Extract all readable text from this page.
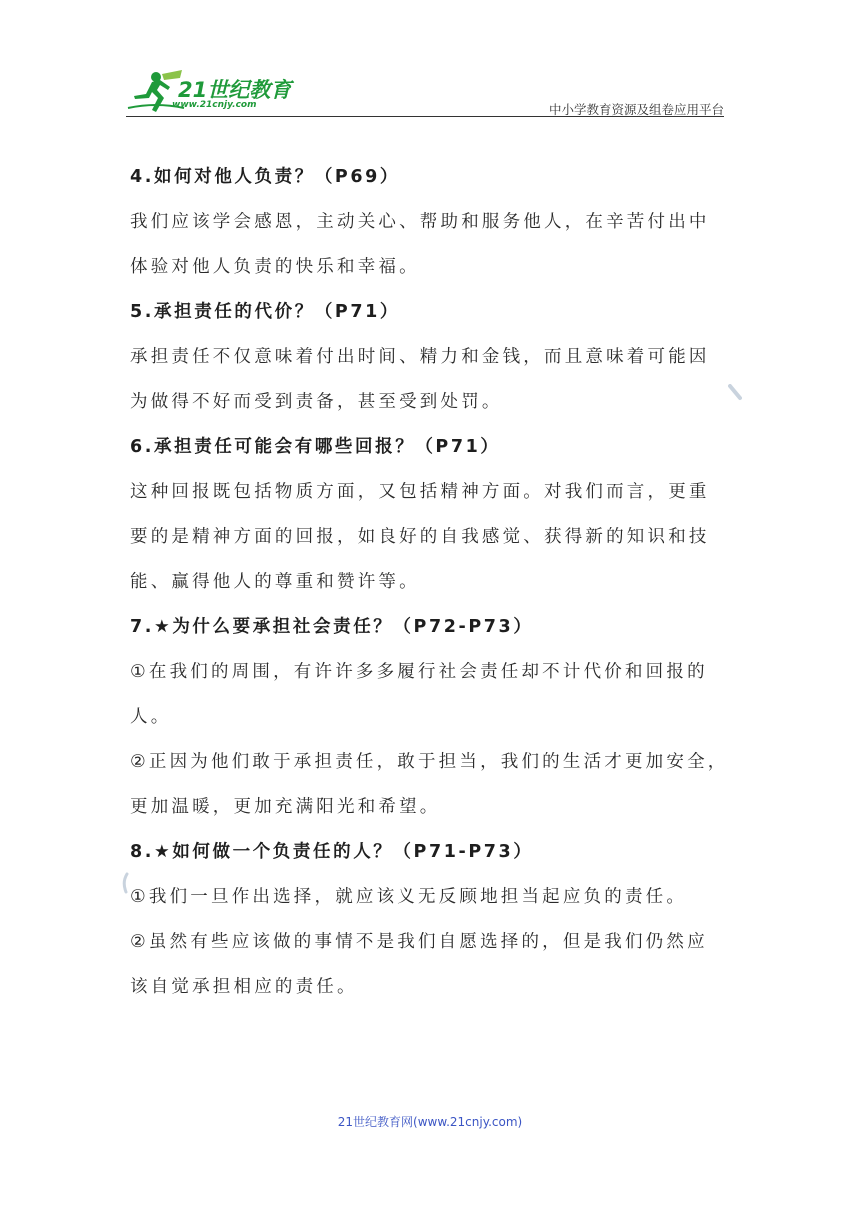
21世纪教育
www.21cnjy.com	中小学教育资源及组卷应用平台
4.如何对他人负责？（P69）
我们应该学会感恩，主动关心、帮助和服务他人，在辛苦付出中
体验对他人负责的快乐和幸福。
5.承担责任的代价？（P71）
承担责任不仅意味着付出时间、精力和金钱，而且意味着可能因
为做得不好而受到责备，甚至受到处罚。
6.承担责任可能会有哪些回报？（P71）
这种回报既包括物质方面，又包括精神方面。对我们而言，更重
要的是精神方面的回报，如良好的自我感觉、获得新的知识和技
能、赢得他人的尊重和赞许等。
7.★为什么要承担社会责任？（P72-P73）
①在我们的周围，有许许多多履行社会责任却不计代价和回报的
人。
②正因为他们敢于承担责任，敢于担当，我们的生活才更加安全，
更加温暖，更加充满阳光和希望。
8.★如何做一个负责任的人？（P71-P73）
①我们一旦作出选择，就应该义无反顾地担当起应负的责任。
②虽然有些应该做的事情不是我们自愿选择的，但是我们仍然应
该自觉承担相应的责任。
21世纪教育网(www.21cnjy.com)
